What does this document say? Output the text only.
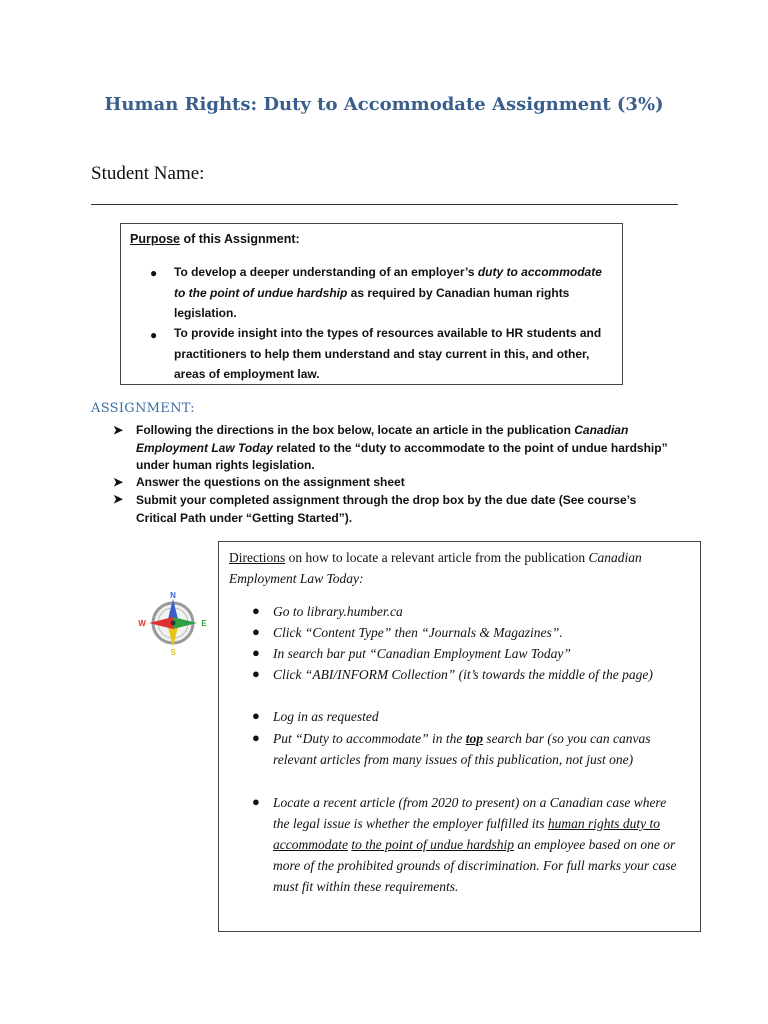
Human Rights: Duty to Accommodate Assignment (3%)
Student Name:
Purpose of this Assignment:
● To develop a deeper understanding of an employer’s duty to accommodate to the point of undue hardship as required by Canadian human rights legislation.
● To provide insight into the types of resources available to HR students and practitioners to help them understand and stay current in this, and other, areas of employment law.
ASSIGNMENT:
➤ Following the directions in the box below, locate an article in the publication Canadian Employment Law Today related to the “duty to accommodate to the point of undue hardship” under human rights legislation.
➤ Answer the questions on the assignment sheet
➤ Submit your completed assignment through the drop box by the due date (See course’s Critical Path under “Getting Started”).
N
S
E
W
Directions on how to locate a relevant article from the publication Canadian Employment Law Today:
● Go to library.humber.ca
● Click “Content Type” then “Journals & Magazines”.
● In search bar put “Canadian Employment Law Today”
● Click “ABI/INFORM Collection” (it’s towards the middle of the page)
● Log in as requested
● Put “Duty to accommodate” in the top search bar (so you can canvas relevant articles from many issues of this publication, not just one)
● Locate a recent article (from 2020 to present) on a Canadian case where the legal issue is whether the employer fulfilled its human rights duty to accommodate to the point of undue hardship an employee based on one or more of the prohibited grounds of discrimination. For full marks your case must fit within these requirements.
